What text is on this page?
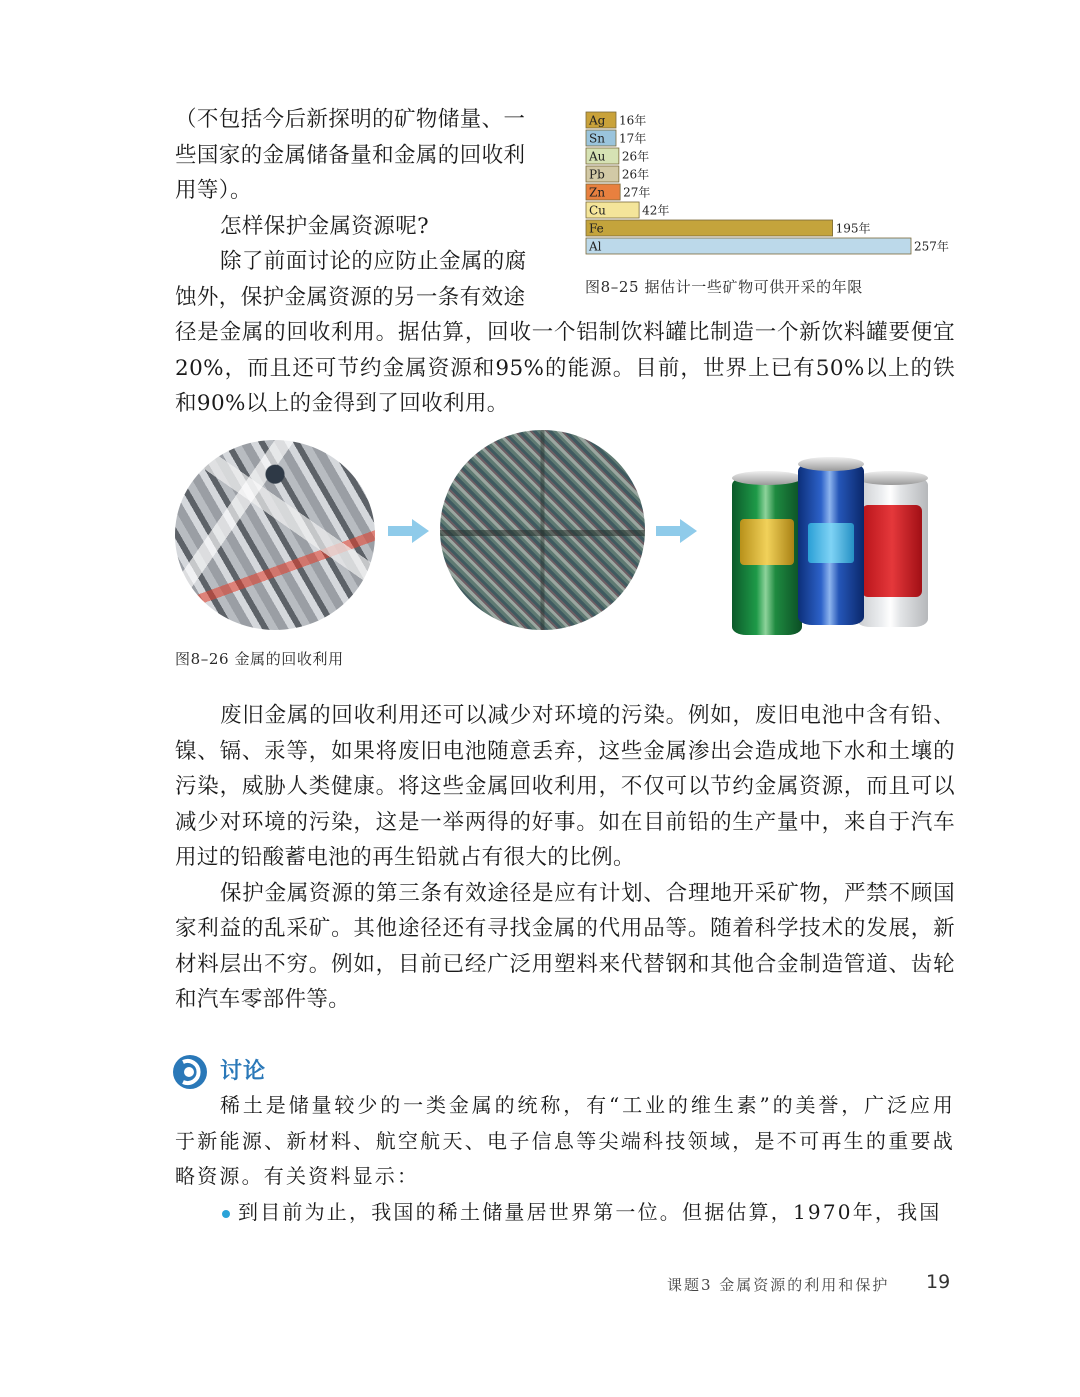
（不包括今后新探明的矿物储量、一

些国家的金属储备量和金属的回收利

用等）。

怎样保护金属资源呢?

除了前面讨论的应防止金属的腐

蚀外，保护金属资源的另一条有效途

Ag 16年
Sn 17年
Au 26年
Pb 26年
Zn 27年
Cu	42年
Fe	195年
Al	257年
图8–25 据估计一些矿物可供开采的年限

径是金属的回收利用。据估算，回收一个铝制饮料罐比制造一个新饮料罐要便宜20%，而且还可节约金属资源和95%的能源。目前，世界上已有50%以上的铁和90%以上的金得到了回收利用。

图8–26 金属的回收利用

废旧金属的回收利用还可以减少对环境的污染。例如，废旧电池中含有铅、镍、镉、汞等，如果将废旧电池随意丢弃，这些金属渗出会造成地下水和土壤的污染，威胁人类健康。将这些金属回收利用，不仅可以节约金属资源，而且可以减少对环境的污染，这是一举两得的好事。如在目前铅的生产量中，来自于汽车用过的铅酸蓄电池的再生铅就占有很大的比例。

保护金属资源的第三条有效途径是应有计划、合理地开采矿物，严禁不顾国家利益的乱采矿。其他途径还有寻找金属的代用品等。随着科学技术的发展，新材料层出不穷。例如，目前已经广泛用塑料来代替钢和其他合金制造管道、齿轮和汽车零部件等。

讨论

稀土是储量较少的一类金属的统称，有“工业的维生素”的美誉，广泛应用于新能源、新材料、航空航天、电子信息等尖端科技领域，是不可再生的重要战略资源。有关资料显示：

到目前为止，我国的稀土储量居世界第一位。但据估算，1970年，我国

课题3 金属资源的利用和保护 19
